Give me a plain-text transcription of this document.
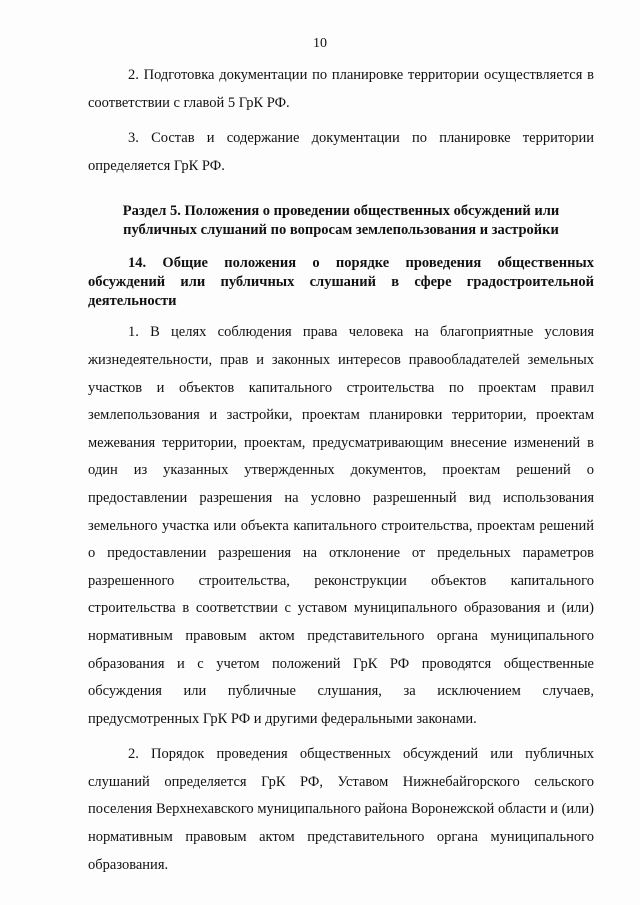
10

2. Подготовка документации по планировке территории осуществляется в соответствии с главой 5 ГрК РФ.

3. Состав и содержание документации по планировке территории определяется ГрК РФ.

Раздел 5. Положения о проведении общественных обсуждений или
публичных слушаний по вопросам землепользования и застройки

14. Общие положения о порядке проведения общественных обсуждений или публичных слушаний в сфере градостроительной деятельности

1. В целях соблюдения права человека на благоприятные условия жизнедеятельности, прав и законных интересов правообладателей земельных участков и объектов капитального строительства по проектам правил землепользования и застройки, проектам планировки территории, проектам межевания территории, проектам, предусматривающим внесение изменений в один из указанных утвержденных документов, проектам решений о предоставлении разрешения на условно разрешенный вид использования земельного участка или объекта капитального строительства, проектам решений о предоставлении разрешения на отклонение от предельных параметров разрешенного строительства, реконструкции объектов капитального строительства в соответствии с уставом муниципального образования и (или) нормативным правовым актом представительного органа муниципального образования и с учетом положений ГрК РФ проводятся общественные обсуждения или публичные слушания, за исключением случаев, предусмотренных ГрК РФ и другими федеральными законами.

2. Порядок проведения общественных обсуждений или публичных слушаний определяется ГрК РФ, Уставом Нижнебайгорского сельского поселения Верхнехавского муниципального района Воронежской области и (или) нормативным правовым актом представительного органа муниципального образования.
